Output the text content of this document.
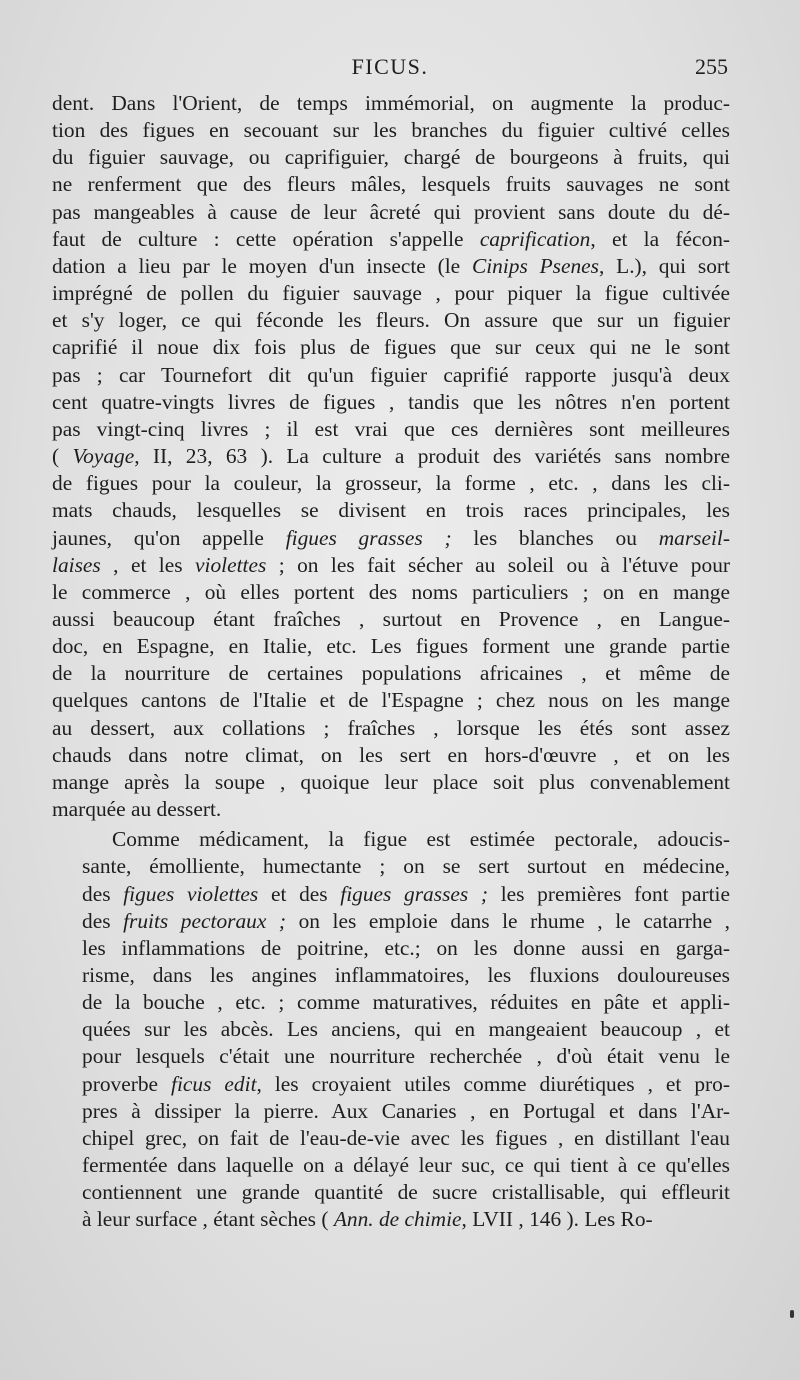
FICUS.	255
dent. Dans l'Orient, de temps immémorial, on augmente la produc-
tion des figues en secouant sur les branches du figuier cultivé celles
du figuier sauvage, ou caprifiguier, chargé de bourgeons à fruits, qui
ne renferment que des fleurs mâles, lesquels fruits sauvages ne sont
pas mangeables à cause de leur âcreté qui provient sans doute du dé-
faut de culture : cette opération s'appelle caprification, et la fécon-
dation a lieu par le moyen d'un insecte (le Cinips Psenes, L.), qui sort
imprégné de pollen du figuier sauvage , pour piquer la figue cultivée
et s'y loger, ce qui féconde les fleurs. On assure que sur un figuier
caprifié il noue dix fois plus de figues que sur ceux qui ne le sont
pas ; car Tournefort dit qu'un figuier caprifié rapporte jusqu'à deux
cent quatre-vingts livres de figues , tandis que les nôtres n'en portent
pas vingt-cinq livres ; il est vrai que ces dernières sont meilleures
( Voyage, II, 23, 63 ). La culture a produit des variétés sans nombre
de figues pour la couleur, la grosseur, la forme , etc. , dans les cli-
mats chauds, lesquelles se divisent en trois races principales, les
jaunes, qu'on appelle figues grasses ; les blanches ou marseil-
laises , et les violettes ; on les fait sécher au soleil ou à l'étuve pour
le commerce , où elles portent des noms particuliers ; on en mange
aussi beaucoup étant fraîches , surtout en Provence , en Langue-
doc, en Espagne, en Italie, etc. Les figues forment une grande partie
de la nourriture de certaines populations africaines , et même de
quelques cantons de l'Italie et de l'Espagne ; chez nous on les mange
au dessert, aux collations ; fraîches , lorsque les étés sont assez
chauds dans notre climat, on les sert en hors-d'œuvre , et on les
mange après la soupe , quoique leur place soit plus convenablement
marquée au dessert.
Comme médicament, la figue est estimée pectorale, adoucis-
sante, émolliente, humectante ; on se sert surtout en médecine,
des figues violettes et des figues grasses ; les premières font partie
des fruits pectoraux ; on les emploie dans le rhume , le catarrhe ,
les inflammations de poitrine, etc.; on les donne aussi en garga-
risme, dans les angines inflammatoires, les fluxions douloureuses
de la bouche , etc. ; comme maturatives, réduites en pâte et appli-
quées sur les abcès. Les anciens, qui en mangeaient beaucoup , et
pour lesquels c'était une nourriture recherchée , d'où était venu le
proverbe ficus edit, les croyaient utiles comme diurétiques , et pro-
pres à dissiper la pierre. Aux Canaries , en Portugal et dans l'Ar-
chipel grec, on fait de l'eau-de-vie avec les figues , en distillant l'eau
fermentée dans laquelle on a délayé leur suc, ce qui tient à ce qu'elles
contiennent une grande quantité de sucre cristallisable, qui effleurit
à leur surface , étant sèches ( Ann. de chimie, LVII , 146 ). Les Ro-
